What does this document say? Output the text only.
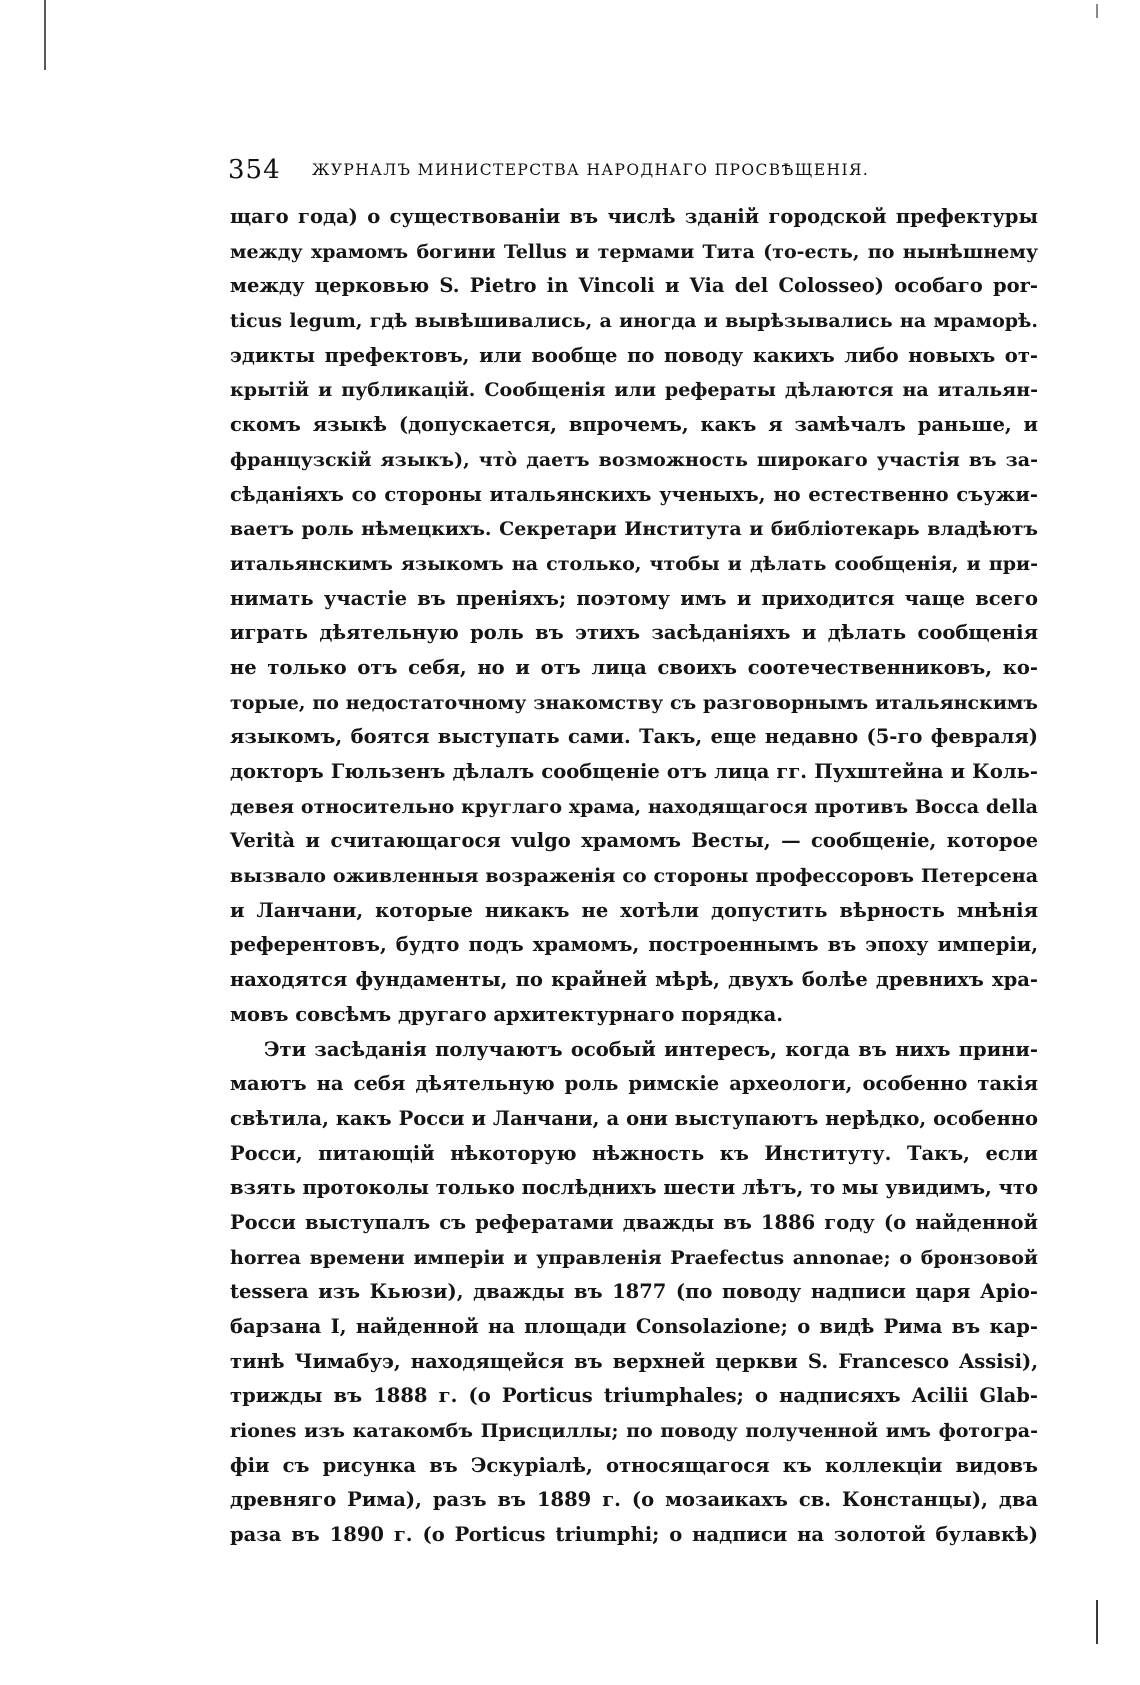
354 ЖУРНАЛЪ МИНИСТЕРСТВА НАРОДНАГО ПРОСВѢЩЕНІЯ.
щаго года) о существованіи въ числѣ зданій городской префектуры
между храмомъ богини Tellus и термами Тита (то-есть, по нынѣшнему
между церковью S. Pietro in Vincoli и Via del Colosseo) особаго por-
ticus legum, гдѣ вывѣшивались, а иногда и вырѣзывались на мраморѣ.
эдикты префектовъ, или вообще по поводу какихъ либо новыхъ от-
крытій и публикацій. Сообщенія или рефераты дѣлаются на итальян-
скомъ языкѣ (допускается, впрочемъ, какъ я замѣчалъ раньше, и
французскій языкъ), что̀ даетъ возможность широкаго участія въ за-
сѣданіяхъ со стороны итальянскихъ ученыхъ, но естественно съужи-
ваетъ роль нѣмецкихъ. Секретари Института и библіотекарь владѣютъ
итальянскимъ языкомъ на столько, чтобы и дѣлать сообщенія, и при-
нимать участіе въ преніяхъ; поэтому имъ и приходится чаще всего
играть дѣятельную роль въ этихъ засѣданіяхъ и дѣлать сообщенія
не только отъ себя, но и отъ лица своихъ соотечественниковъ, ко-
торые, по недостаточному знакомству съ разговорнымъ итальянскимъ
языкомъ, боятся выступать сами. Такъ, еще недавно (5-го февраля)
докторъ Гюльзенъ дѣлалъ сообщеніе отъ лица гг. Пухштейна и Коль-
девея относительно круглаго храма, находящагося противъ Bocca della
Verità и считающагося vulgo храмомъ Весты, — сообщеніе, которое
вызвало оживленныя возраженія со стороны профессоровъ Петерсена
и Ланчани, которые никакъ не хотѣли допустить вѣрность мнѣнія
референтовъ, будто подъ храмомъ, построеннымъ въ эпоху имперіи,
находятся фундаменты, по крайней мѣрѣ, двухъ болѣе древнихъ хра-
мовъ совсѣмъ другаго архитектурнаго порядка.
Эти засѣданія получаютъ особый интересъ, когда въ нихъ прини-
маютъ на себя дѣятельную роль римскіе археологи, особенно такія
свѣтила, какъ Росси и Ланчани, а они выступаютъ нерѣдко, особенно
Росси, питающій нѣкоторую нѣжность къ Институту. Такъ, если
взять протоколы только послѣднихъ шести лѣтъ, то мы увидимъ, что
Росси выступалъ съ рефератами дважды въ 1886 году (о найденной
horrea времени имперіи и управленія Praefectus annonae; о бронзовой
tessera изъ Кьюзи), дважды въ 1877 (по поводу надписи царя Аріо-
барзана I, найденной на площади Consolazione; о видѣ Рима въ кар-
тинѣ Чимабуэ, находящейся въ верхней церкви S. Francesco Assisi),
трижды въ 1888 г. (о Porticus triumphales; о надписяхъ Acilii Glab-
riones изъ катакомбъ Присциллы; по поводу полученной имъ фотогра-
фіи съ рисунка въ Эскуріалѣ, относящагося къ коллекціи видовъ
древняго Рима), разъ въ 1889 г. (о мозаикахъ св. Констанцы), два
раза въ 1890 г. (о Porticus triumphi; о надписи на золотой булавкѣ)
